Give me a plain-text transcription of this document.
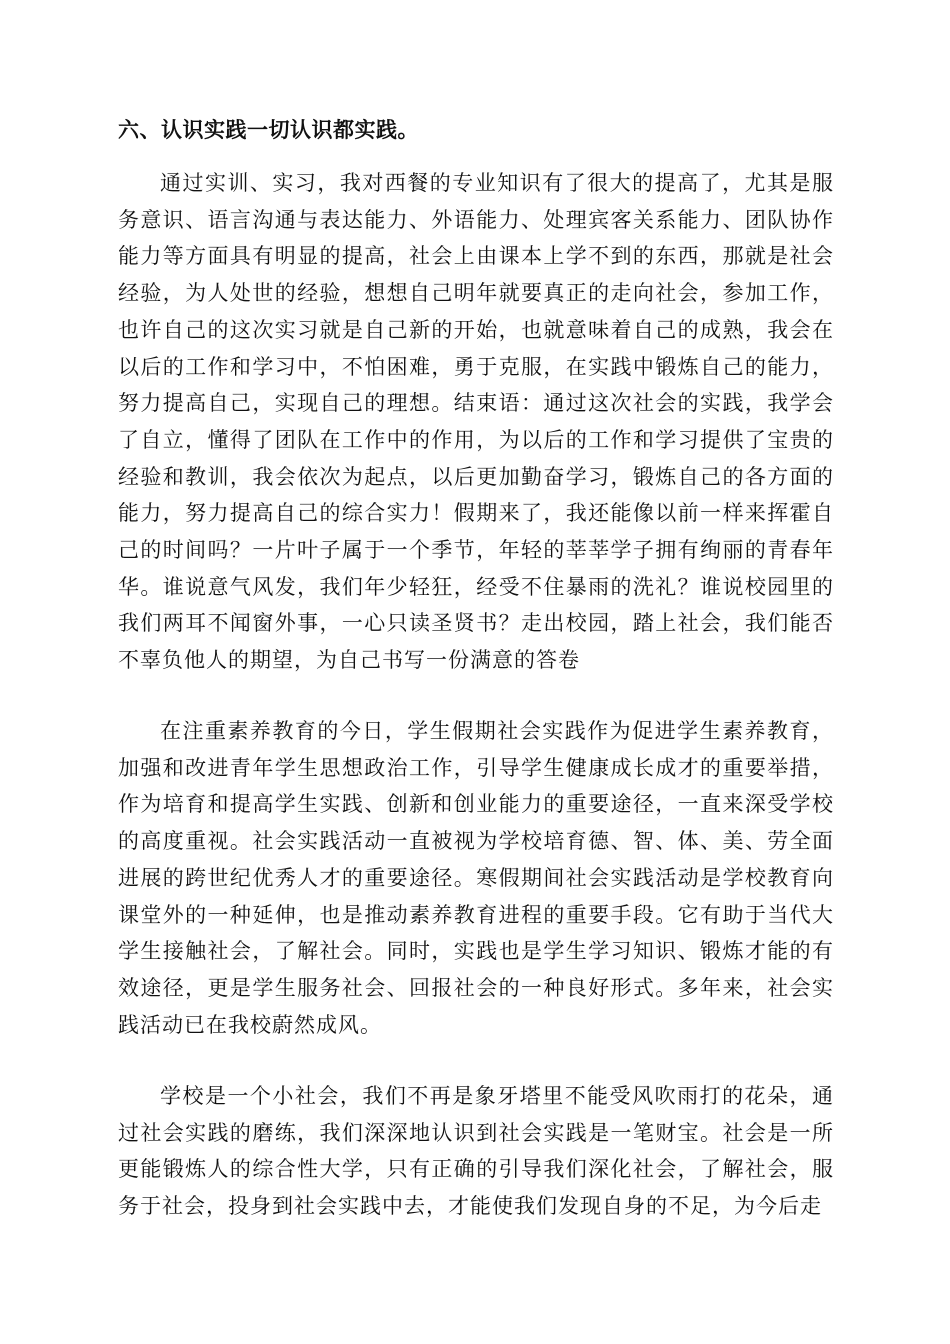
六、认识实践一切认识都实践。

通过实训、实习，我对西餐的专业知识有了很大的提高了，尤其是服务意识、语言沟通与表达能力、外语能力、处理宾客关系能力、团队协作能力等方面具有明显的提高，社会上由课本上学不到的东西，那就是社会经验，为人处世的经验，想想自己明年就要真正的走向社会，参加工作，也许自己的这次实习就是自己新的开始，也就意味着自己的成熟，我会在以后的工作和学习中，不怕困难，勇于克服，在实践中锻炼自己的能力，努力提高自己，实现自己的理想。结束语：通过这次社会的实践，我学会了自立，懂得了团队在工作中的作用，为以后的工作和学习提供了宝贵的经验和教训，我会依次为起点，以后更加勤奋学习，锻炼自己的各方面的能力，努力提高自己的综合实力！假期来了，我还能像以前一样来挥霍自己的时间吗？一片叶子属于一个季节，年轻的莘莘学子拥有绚丽的青春年华。谁说意气风发，我们年少轻狂，经受不住暴雨的洗礼？谁说校园里的我们两耳不闻窗外事，一心只读圣贤书？走出校园，踏上社会，我们能否不辜负他人的期望，为自己书写一份满意的答卷

在注重素养教育的今日，学生假期社会实践作为促进学生素养教育，加强和改进青年学生思想政治工作，引导学生健康成长成才的重要举措，作为培育和提高学生实践、创新和创业能力的重要途径，一直来深受学校的高度重视。社会实践活动一直被视为学校培育德、智、体、美、劳全面进展的跨世纪优秀人才的重要途径。寒假期间社会实践活动是学校教育向课堂外的一种延伸，也是推动素养教育进程的重要手段。它有助于当代大学生接触社会，了解社会。同时，实践也是学生学习知识、锻炼才能的有效途径，更是学生服务社会、回报社会的一种良好形式。多年来，社会实践活动已在我校蔚然成风。

学校是一个小社会，我们不再是象牙塔里不能受风吹雨打的花朵，通过社会实践的磨练，我们深深地认识到社会实践是一笔财宝。社会是一所更能锻炼人的综合性大学，只有正确的引导我们深化社会，了解社会，服务于社会，投身到社会实践中去，才能使我们发现自身的不足，为今后走
